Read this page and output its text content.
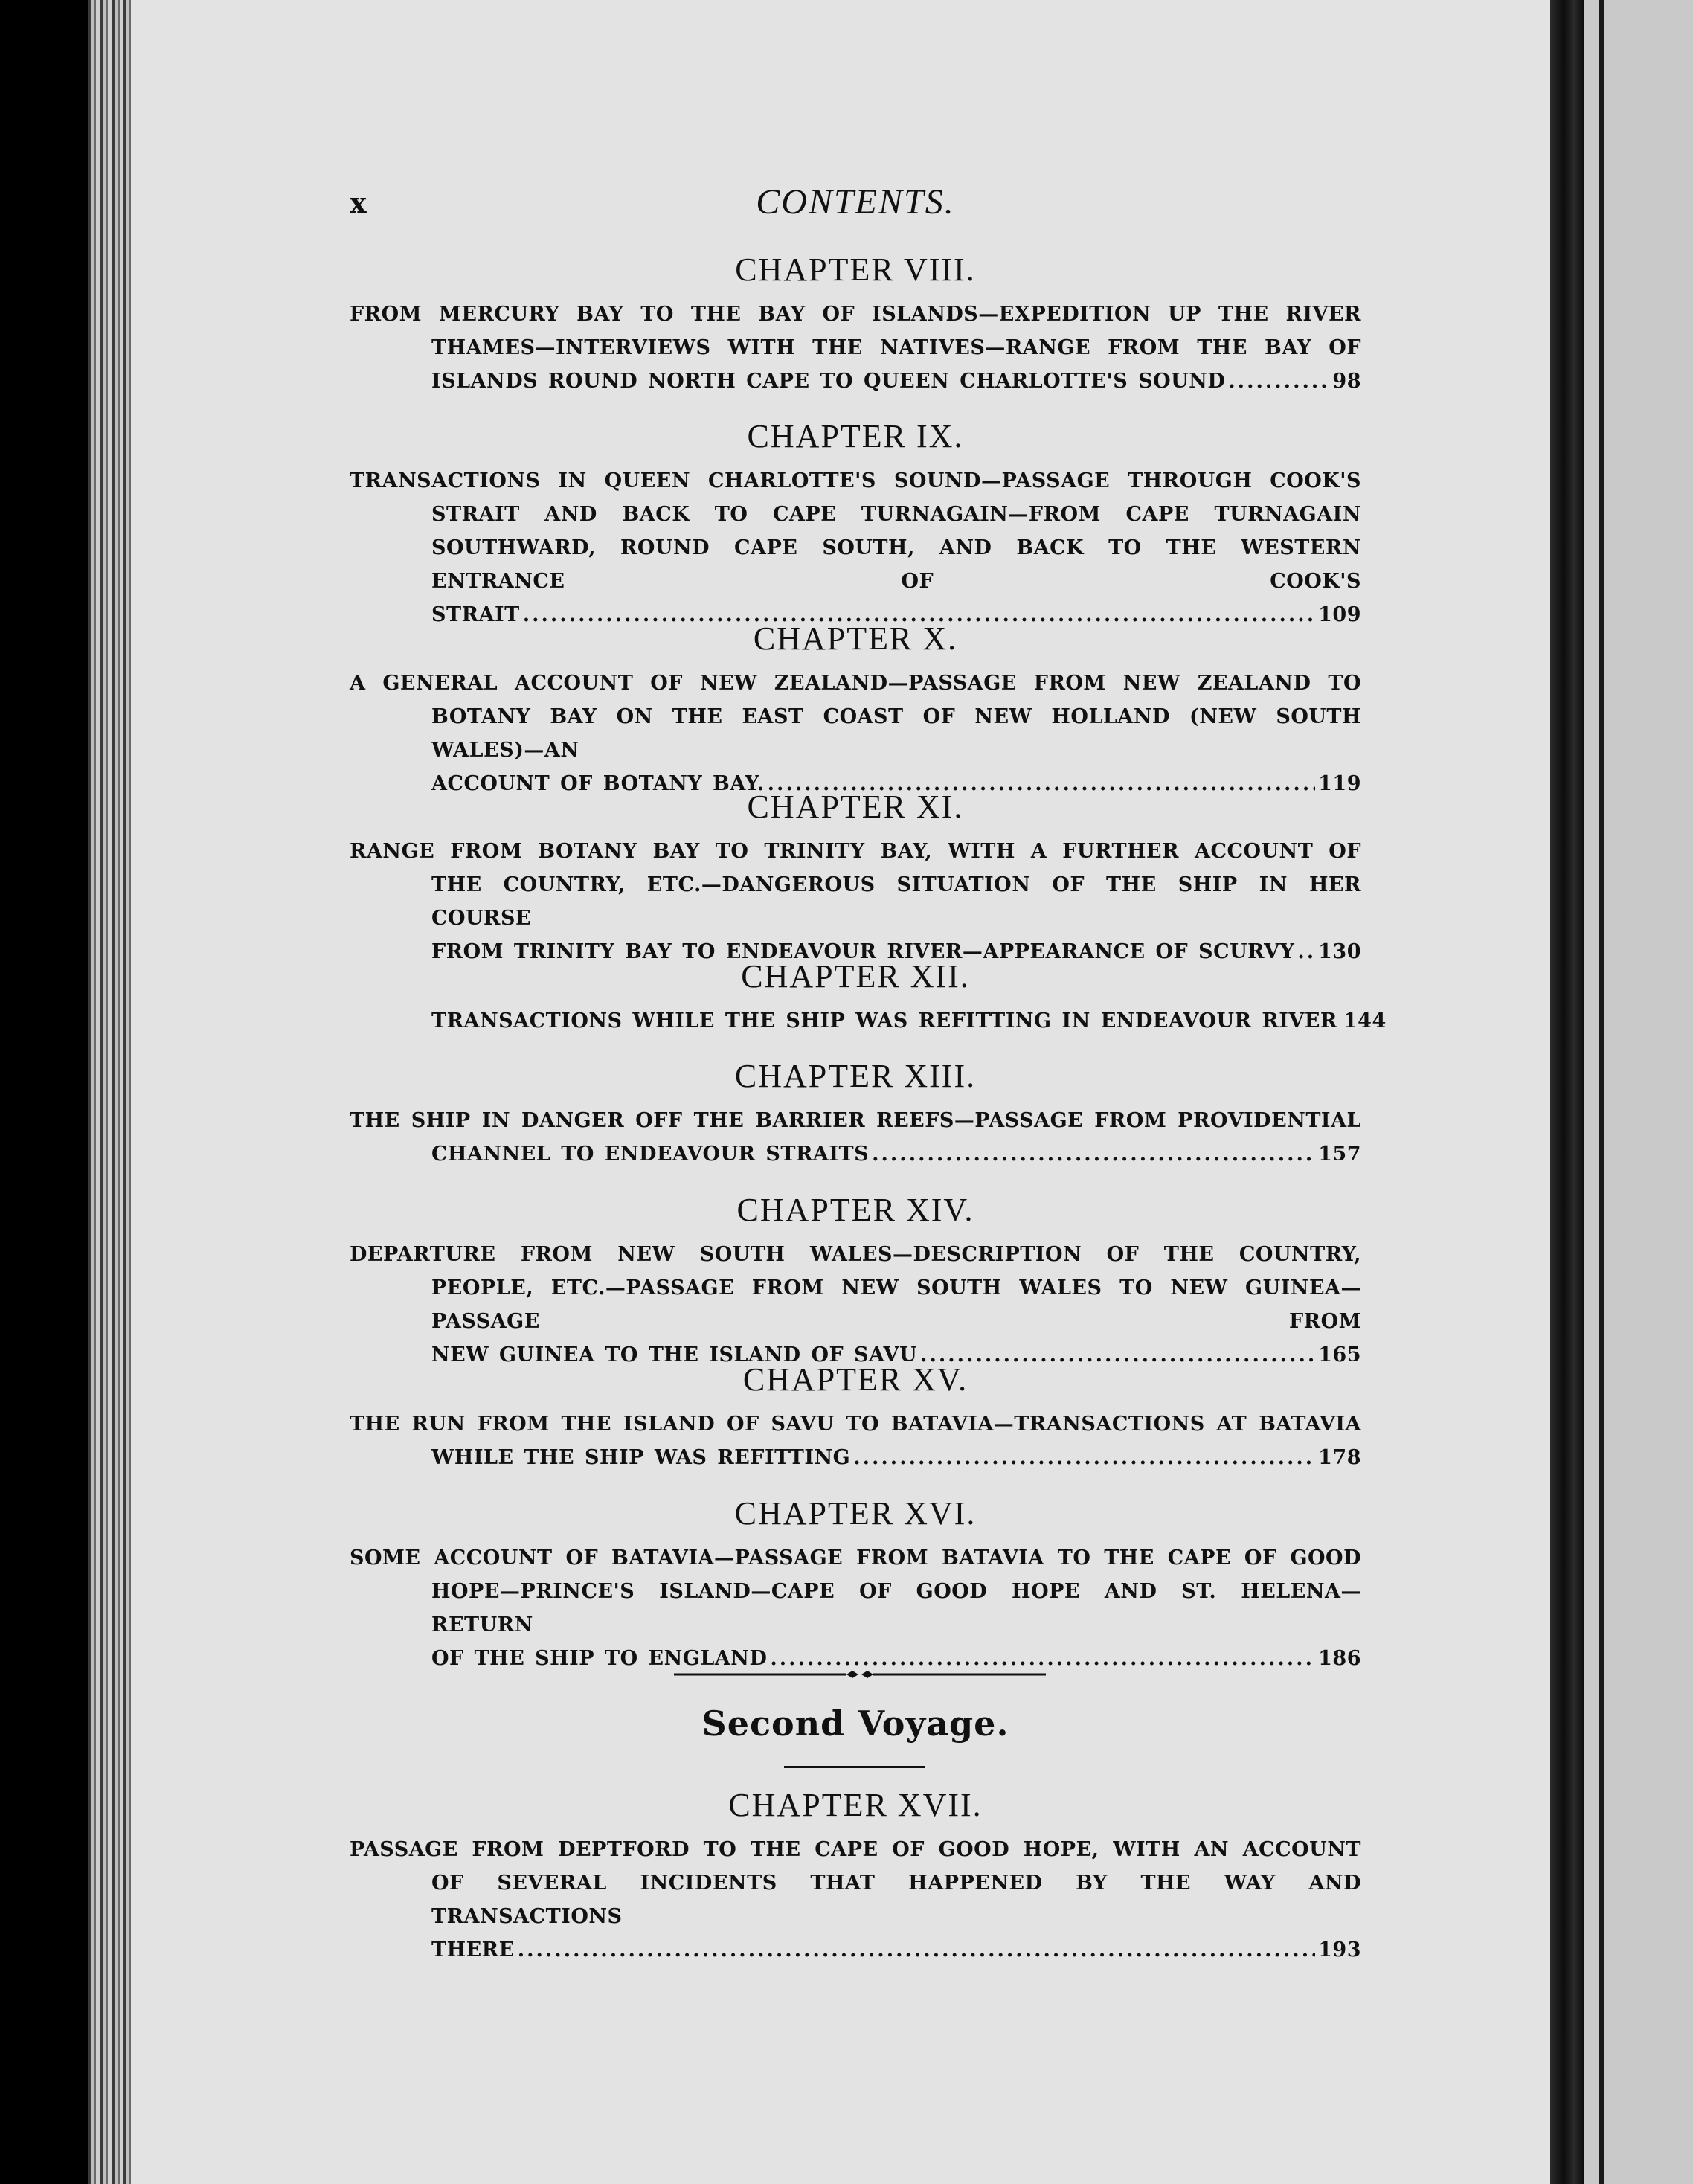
x	CONTENTS.
CHAPTER VIII.
FROM MERCURY BAY TO THE BAY OF ISLANDS—EXPEDITION UP THE RIVER THAMES—INTERVIEWS WITH THE NATIVES—RANGE FROM THE BAY OF
ISLANDS ROUND NORTH CAPE TO QUEEN CHARLOTTE'S SOUND .....	98
CHAPTER IX.
TRANSACTIONS IN QUEEN CHARLOTTE'S SOUND—PASSAGE THROUGH COOK'S STRAIT AND BACK TO CAPE TURNAGAIN—FROM CAPE TURNAGAIN SOUTHWARD, ROUND CAPE SOUTH, AND BACK TO THE WESTERN ENTRANCE OF COOK'S
STRAIT .....	109
CHAPTER X.
A GENERAL ACCOUNT OF NEW ZEALAND—PASSAGE FROM NEW ZEALAND TO BOTANY BAY ON THE EAST COAST OF NEW HOLLAND (NEW SOUTH WALES)—AN
ACCOUNT OF BOTANY BAY. .....	119
CHAPTER XI.
RANGE FROM BOTANY BAY TO TRINITY BAY, WITH A FURTHER ACCOUNT OF THE COUNTRY, ETC.—DANGEROUS SITUATION OF THE SHIP IN HER COURSE
FROM TRINITY BAY TO ENDEAVOUR RIVER—APPEARANCE OF SCURVY ..... 130
CHAPTER XII.
TRANSACTIONS WHILE THE SHIP WAS REFITTING IN ENDEAVOUR RIVER 144
CHAPTER XIII.
THE SHIP IN DANGER OFF THE BARRIER REEFS—PASSAGE FROM PROVIDENTIAL
CHANNEL TO ENDEAVOUR STRAITS .....	157
CHAPTER XIV.
DEPARTURE FROM NEW SOUTH WALES—DESCRIPTION OF THE COUNTRY, PEOPLE, ETC.—PASSAGE FROM NEW SOUTH WALES TO NEW GUINEA—PASSAGE FROM
NEW GUINEA TO THE ISLAND OF SAVU .....	165
CHAPTER XV.
THE RUN FROM THE ISLAND OF SAVU TO BATAVIA—TRANSACTIONS AT BATAVIA
WHILE THE SHIP WAS REFITTING .....	178
CHAPTER XVI.
SOME ACCOUNT OF BATAVIA—PASSAGE FROM BATAVIA TO THE CAPE OF GOOD HOPE—PRINCE'S ISLAND—CAPE OF GOOD HOPE AND ST. HELENA—RETURN
OF THE SHIP TO ENGLAND .....	186
Second Voyage.
CHAPTER XVII.
PASSAGE FROM DEPTFORD TO THE CAPE OF GOOD HOPE, WITH AN ACCOUNT OF SEVERAL INCIDENTS THAT HAPPENED BY THE WAY AND TRANSACTIONS
THERE .....	193
